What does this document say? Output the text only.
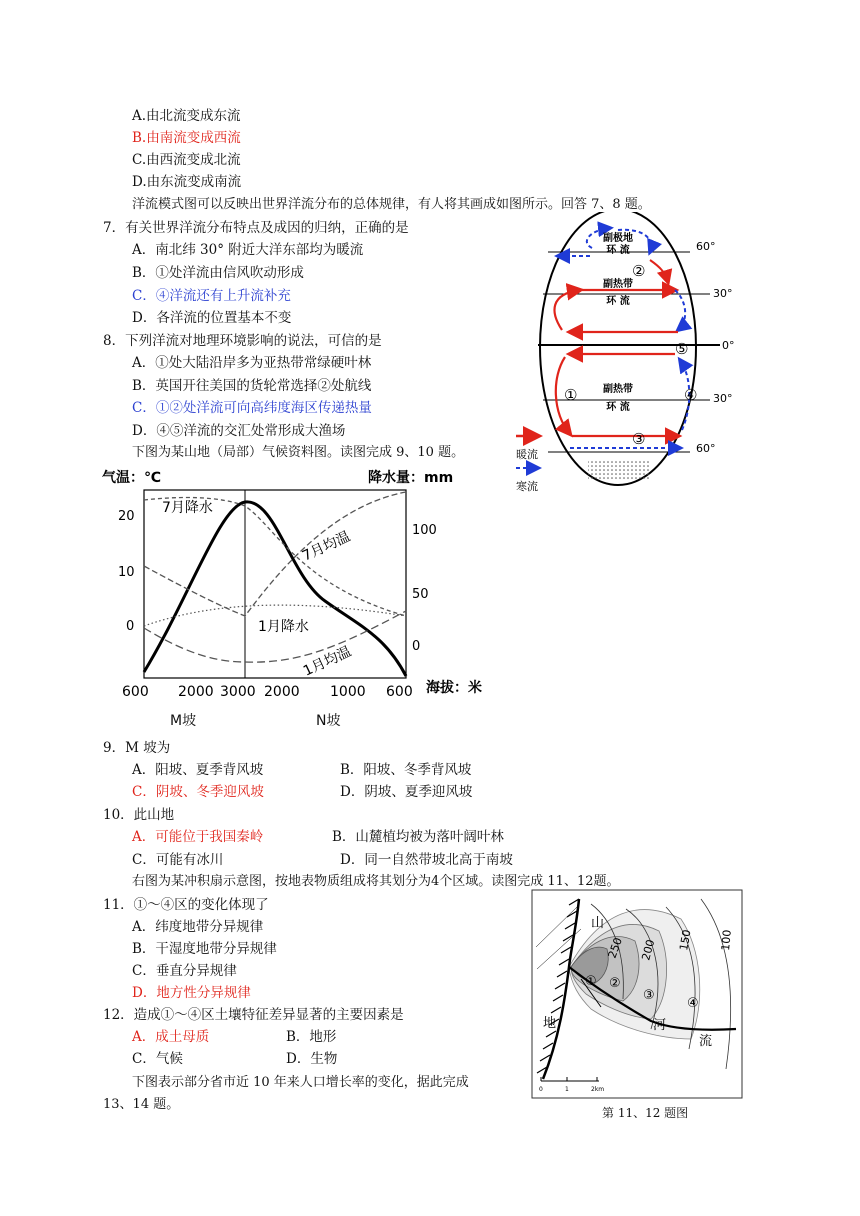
A.由北流变成东流
B.由南流变成西流
C.由西流变成北流
D.由东流变成南流
洋流模式图可以反映出世界洋流分布的总体规律，有人将其画成如图所示。回答 7、8 题。
7．有关世界洋流分布特点及成因的归纳，正确的是
A．南北纬 30° 附近大洋东部均为暖流
B．①处洋流由信风吹动形成
C．④洋流还有上升流补充
D．各洋流的位置基本不变
8．下列洋流对地理环境影响的说法，可信的是
A．①处大陆沿岸多为亚热带常绿硬叶林
B．英国开往美国的货轮常选择②处航线
C．①②处洋流可向高纬度海区传递热量
D．④⑤洋流的交汇处常形成大渔场
下图为某山地（局部）气候资料图。读图完成 9、10 题。
副极地
环 流
副热带
环 流
副热带
环 流
②
⑤
①	④
③
60°
30°
0°
30°
60°
暖流
寒流
气温：℃	降水量：mm
20
10
0
100
50
0
7月降水
7月均温
1月降水
1月均温
600 2000 3000 2000 1000 600 海拔：米
M坡	N坡
9．M 坡为
A．阳坡、夏季背风坡	B．阳坡、冬季背风坡
C．阴坡、冬季迎风坡	D．阴坡、夏季迎风坡
10．此山地
A．可能位于我国秦岭	B．山麓植均被为落叶阔叶林
C．可能有冰川	D．同一自然带坡北高于南坡
右图为某冲积扇示意图，按地表物质组成将其划分为4个区域。读图完成 11、12题。
11．①～④区的变化体现了
A．纬度地带分异规律
B．干湿度地带分异规律
C．垂直分异规律
D．地方性分异规律
12．造成①～④区土壤特征差异显著的主要因素是
A．成土母质	B．地形
C．气候	D．生物
山
地	河
流
250 200 150 100
① ②
③
④
0	1	2km
第 11、12 题图
下图表示部分省市近 10 年来人口增长率的变化，据此完成
13、14 题。
